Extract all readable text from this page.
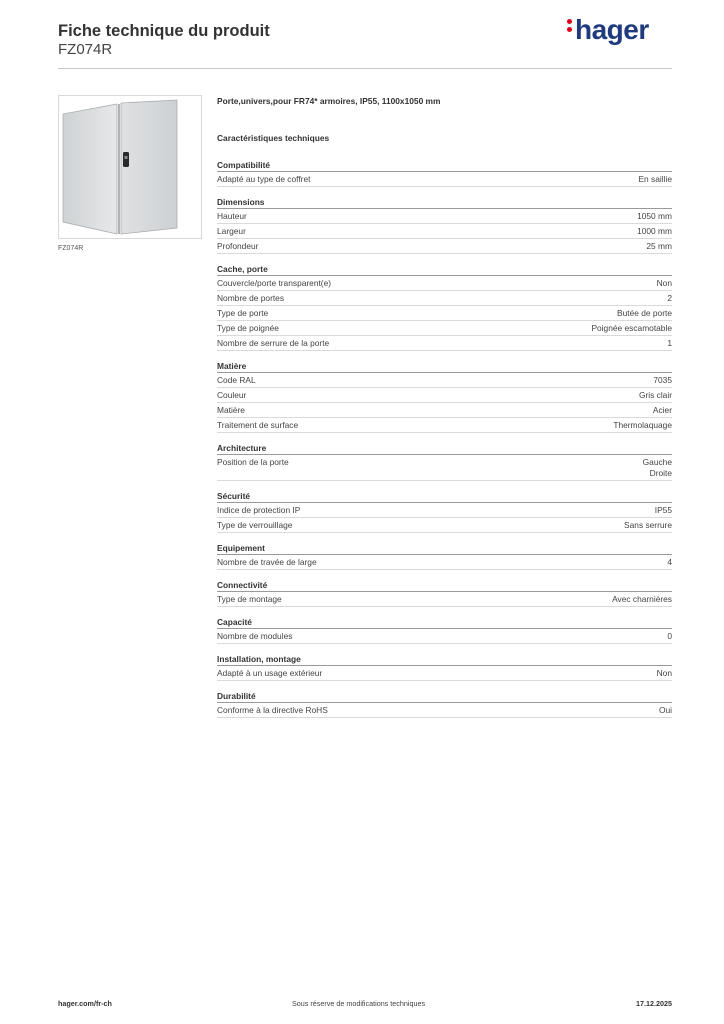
Fiche technique du produit
FZ074R
hager
FZ074R

Porte,univers,pour FR74* armoires, IP55, 1100x1050 mm

Caractéristiques techniques

Compatibilité
Adapté au type de coffret	En saillie
Dimensions
Hauteur	1050 mm
Largeur	1000 mm
Profondeur	25 mm
Cache, porte
Couvercle/porte transparent(e)	Non
Nombre de portes	2
Type de porte	Butée de porte
Type de poignée	Poignée escamotable
Nombre de serrure de la porte	1
Matière
Code RAL	7035
Couleur	Gris clair
Matière	Acier
Traitement de surface	Thermolaquage
Architecture
Position de la porte	Gauche
Droite
Sécurité
Indice de protection IP	IP55
Type de verrouillage	Sans serrure
Equipement
Nombre de travée de large	4
Connectivité
Type de montage	Avec charnières
Capacité
Nombre de modules	0
Installation, montage
Adapté à un usage extérieur	Non
Durabilité
Conforme à la directive RoHS	Oui
hager.com/fr-ch	Sous réserve de modifications techniques	17.12.2025
